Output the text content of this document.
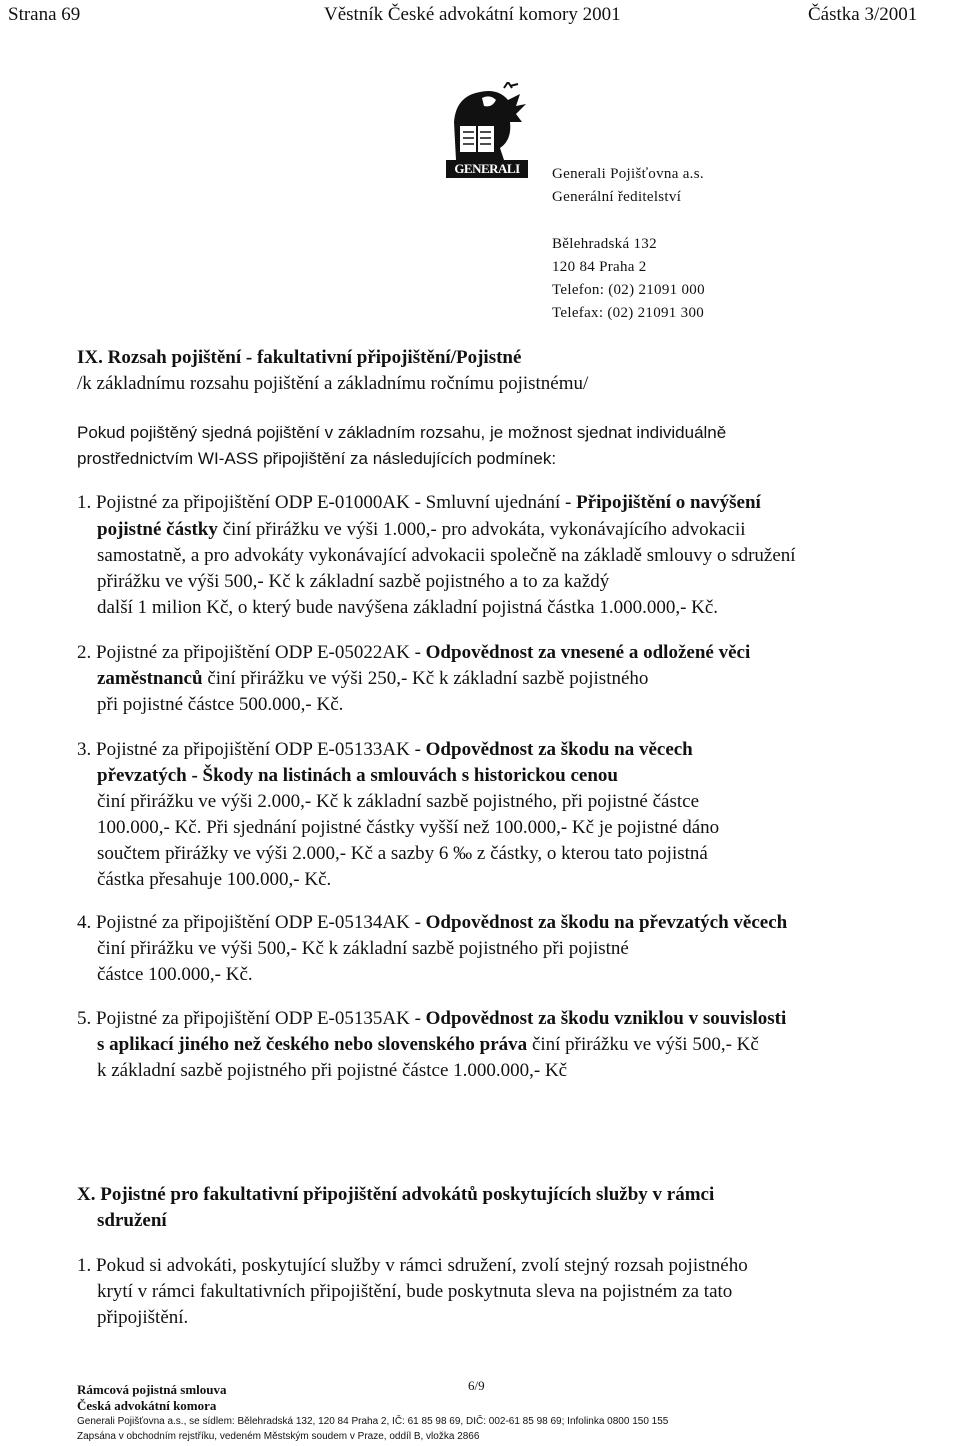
Strana 69	Věstník České advokátní komory 2001	Částka 3/2001
GENERALI	Generali Pojišťovna a.s.
Generální ředitelství
Bělehradská 132
120 84 Praha 2
Telefon: (02) 21091 000
Telefax: (02) 21091 300
IX. Rozsah pojištění - fakultativní připojištění/Pojistné
/k základnímu rozsahu pojištění a základnímu ročnímu pojistnému/
Pokud pojištěný sjedná pojištění v základním rozsahu, je možnost sjednat individuálně
prostřednictvím WI-ASS připojištění za následujících podmínek:
1. Pojistné za připojištění ODP E-01000AK - Smluvní ujednání - Připojištění o navýšení
pojistné částky činí přirážku ve výši 1.000,- pro advokáta, vykonávajícího advokacii
samostatně, a pro advokáty vykonávající advokacii společně na základě smlouvy o sdružení
přirážku ve výši 500,- Kč k základní sazbě pojistného a to za každý
další 1 milion Kč, o který bude navýšena základní pojistná částka 1.000.000,- Kč.
2. Pojistné za připojištění ODP E-05022AK - Odpovědnost za vnesené a odložené věci
zaměstnanců činí přirážku ve výši 250,- Kč k základní sazbě pojistného
při pojistné částce 500.000,- Kč.
3. Pojistné za připojištění ODP E-05133AK - Odpovědnost za škodu na věcech
převzatých - Škody na listinách a smlouvách s historickou cenou
činí přirážku ve výši 2.000,- Kč k základní sazbě pojistného, při pojistné částce
100.000,- Kč. Při sjednání pojistné částky vyšší než 100.000,- Kč je pojistné dáno
součtem přirážky ve výši 2.000,- Kč a sazby 6 ‰ z částky, o kterou tato pojistná
částka přesahuje 100.000,- Kč.
4. Pojistné za připojištění ODP E-05134AK - Odpovědnost za škodu na převzatých věcech
činí přirážku ve výši 500,- Kč k základní sazbě pojistného při pojistné
částce 100.000,- Kč.
5. Pojistné za připojištění ODP E-05135AK - Odpovědnost za škodu vzniklou v souvislosti
s aplikací jiného než českého nebo slovenského práva činí přirážku ve výši 500,- Kč
k základní sazbě pojistného při pojistné částce 1.000.000,- Kč
X. Pojistné pro fakultativní připojištění advokátů poskytujících služby v rámci
sdružení
1. Pokud si advokáti, poskytující služby v rámci sdružení, zvolí stejný rozsah pojistného
krytí v rámci fakultativních připojištění, bude poskytnuta sleva na pojistném za tato
připojištění.
Rámcová pojistná smlouva	6/9
Česká advokátní komora
Generali Pojišťovna a.s., se sídlem: Bělehradská 132, 120 84 Praha 2, IČ: 61 85 98 69, DIČ: 002-61 85 98 69; Infolinka 0800 150 155
Zapsána v obchodním rejstříku, vedeném Městským soudem v Praze, oddíl B, vložka 2866
